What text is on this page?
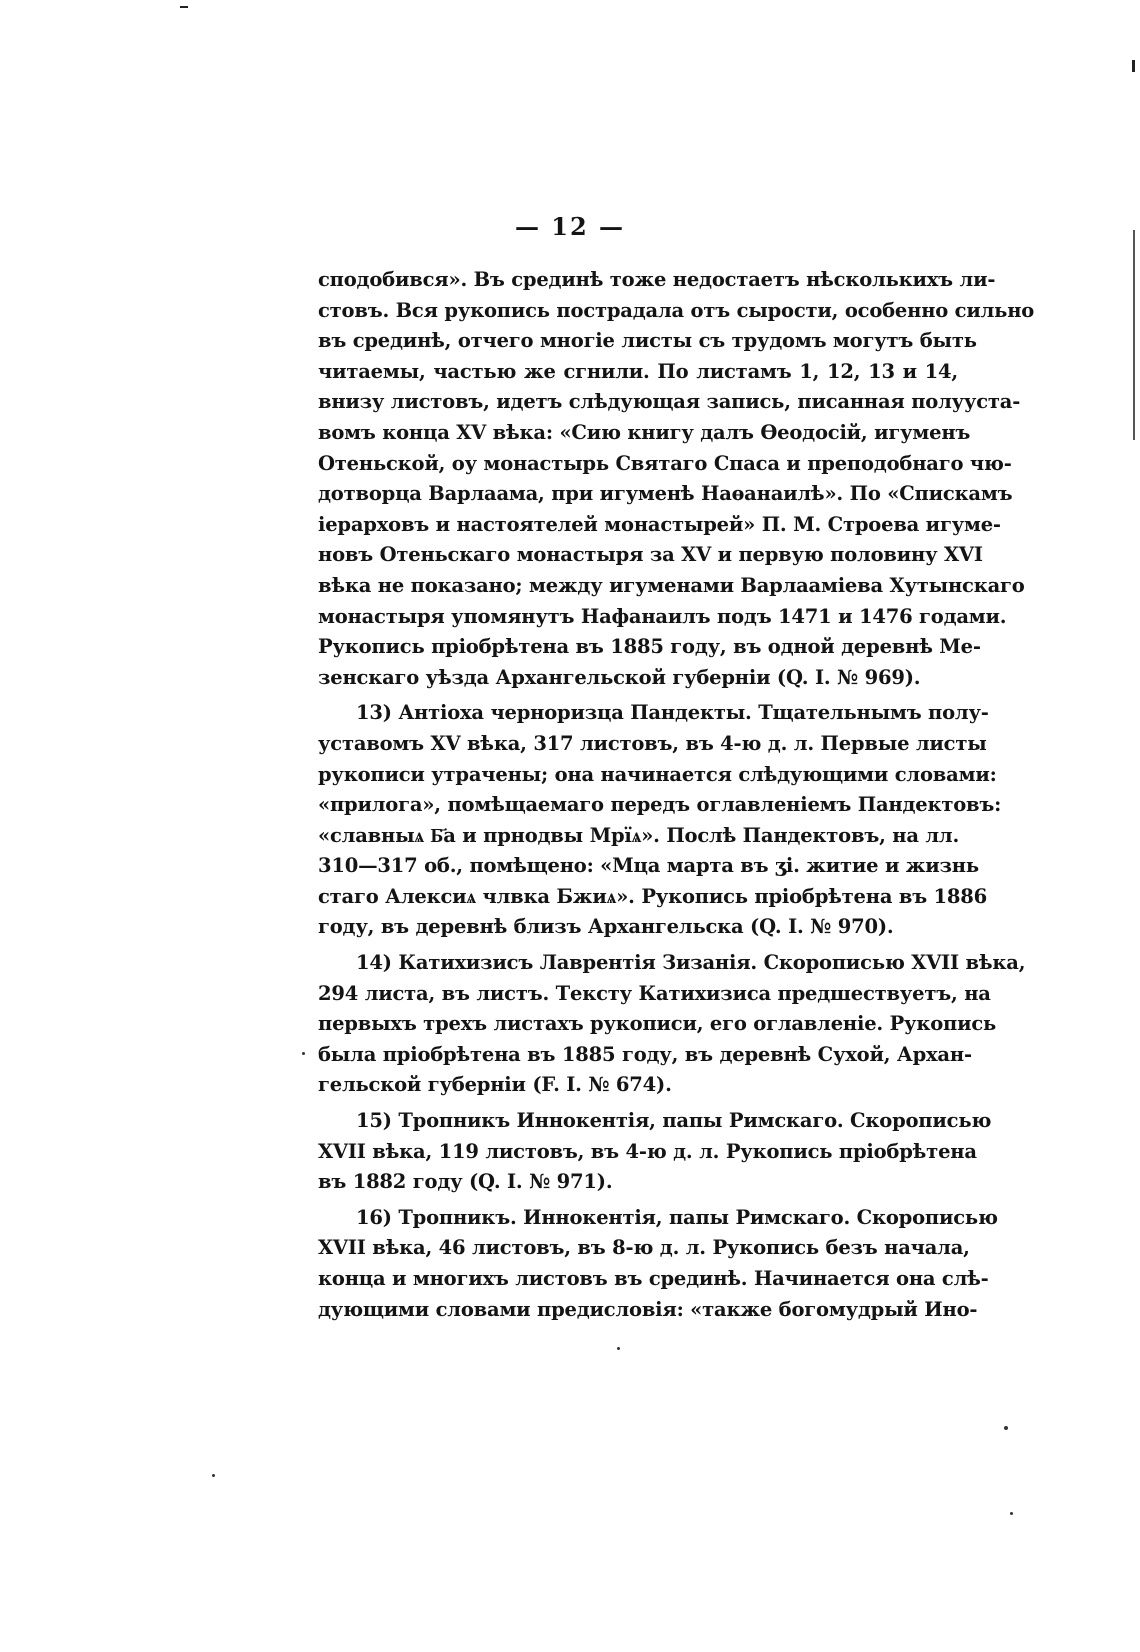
— 12 —
сподобився». Въ срединѣ тоже недостаетъ нѣсколькихъ ли-
стовъ. Вся рукопись пострадала отъ сырости, особенно сильно
въ срединѣ, отчего многіе листы съ трудомъ могутъ быть
читаемы, частью же сгнили. По листамъ 1, 12, 13 и 14,
внизу листовъ, идетъ слѣдующая запись, писанная полууста-
вомъ конца XV вѣка: «Сию книгу далъ Ѳеодосій, игуменъ
Отеньской, оу монастырь Святаго Спаса и преподобнаго чю-
дотворца Варлаама, при игуменѣ Наѳанаилѣ». По «Спискамъ
іерарховъ и настоятелей монастырей» П. М. Строева игуме-
новъ Отеньскаго монастыря за XV и первую половину XVI
вѣка не показано; между игуменами Варлааміева Хутынскаго
монастыря упомянутъ Нафанаилъ подъ 1471 и 1476 годами.
Рукопись пріобрѣтена въ 1885 году, въ одной деревнѣ Ме-
зенскаго уѣзда Архангельской губерніи (Q. I. № 969).
13) Антіоха черноризца Пандекты. Тщательнымъ полу-
уставомъ XV вѣка, 317 листовъ, въ 4-ю д. л. Первые листы
рукописи утрачены; она начинается слѣдующими словами:
«прилога», помѣщаемаго передъ оглавленіемъ Пандектовъ:
«славныѧ Б҃а и прнодвы Мрїѧ». Послѣ Пандектовъ, на лл.
310—317 об., помѣщено: «Мца марта въ ӡі. житие и жизнь
стаго Алексиѧ члвка Бжиѧ». Рукопись пріобрѣтена въ 1886
году, въ деревнѣ близъ Архангельска (Q. I. № 970).
14) Катихизисъ Лаврентія Зизанія. Скорописью XVII вѣка,
294 листа, въ листъ. Тексту Катихизиса предшествуетъ, на
первыхъ трехъ листахъ рукописи, его оглавленіе. Рукопись
была пріобрѣтена въ 1885 году, въ деревнѣ Сухой, Архан-
гельской губерніи (F. I. № 674).
15) Тропникъ Иннокентія, папы Римскаго. Скорописью
XVII вѣка, 119 листовъ, въ 4-ю д. л. Рукопись пріобрѣтена
въ 1882 году (Q. I. № 971).
16) Тропникъ. Иннокентія, папы Римскаго. Скорописью
XVII вѣка, 46 листовъ, въ 8-ю д. л. Рукопись безъ начала,
конца и многихъ листовъ въ срединѣ. Начинается она слѣ-
дующими словами предисловія: «также богомудрый Ино-
